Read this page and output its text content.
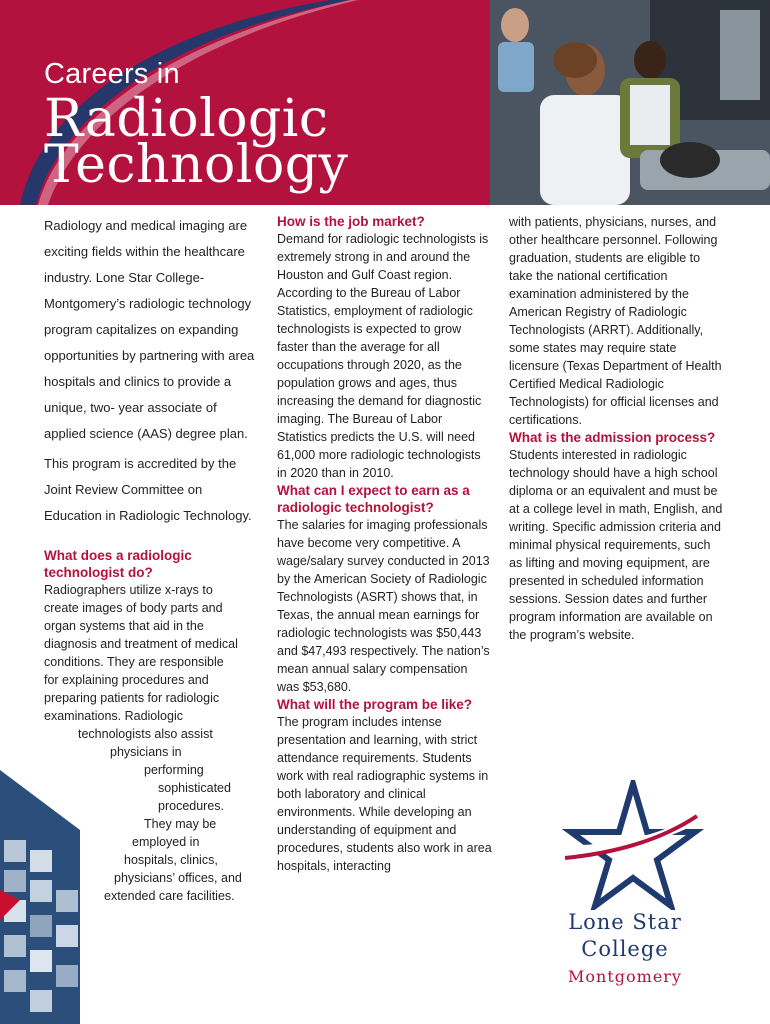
Careers in
Radiologic
Technology

Radiology and medical imaging are exciting fields within the healthcare industry. Lone Star College- Montgomery’s radiologic technology program capitalizes on expanding opportunities by partnering with area hospitals and clinics to provide a unique, two- year associate of applied science (AAS) degree plan.

This program is accredited by the Joint Review Committee on Education in Radiologic Technology.

What does a radiologic technologist do?

Radiographers utilize x-rays to
create images of body parts and
organ systems that aid in the
diagnosis and treatment of medical
conditions. They are responsible
for explaining procedures and
preparing patients for radiologic
examinations. Radiologic
technologists also assist
physicians in
performing
sophisticated
procedures.
They may be
employed in
hospitals, clinics,
physicians’ offices, and
extended care facilities.

How is the job market?

Demand for radiologic technologists is extremely strong in and around the Houston and Gulf Coast region. According to the Bureau of Labor Statistics, employment of radiologic technologists is expected to grow faster than the average for all occupations through 2020, as the population grows and ages, thus increasing the demand for diagnostic imaging. The Bureau of Labor Statistics predicts the U.S. will need 61,000 more radiologic technologists in 2020 than in 2010.

What can I expect to earn as a radiologic technologist?

The salaries for imaging professionals have become very competitive. A wage/salary survey conducted in 2013 by the American Society of Radiologic Technologists (ASRT) shows that, in Texas, the annual mean earnings for radiologic technologists was $50,443 and $47,493 respectively. The nation’s mean annual salary compensation was $53,680.

What will the program be like?

The program includes intense presentation and learning, with strict attendance requirements. Students work with real radiographic systems in both laboratory and clinical environments. While developing an understanding of equipment and procedures, students also work in area hospitals, interacting

with patients, physicians, nurses, and other healthcare personnel. Following graduation, students are eligible to take the national certification examination administered by the American Registry of Radiologic Technologists (ARRT). Additionally, some states may require state licensure (Texas Department of Health Certified Medical Radiologic Technologists) for official licenses and certifications.

What is the admission process?

Students interested in radiologic technology should have a high school diploma or an equivalent and must be at a college level in math, English, and writing. Specific admission criteria and minimal physical requirements, such as lifting and moving equipment, are presented in scheduled information sessions. Session dates and further program information are available on the program’s website.

Lone Star
College
Montgomery
